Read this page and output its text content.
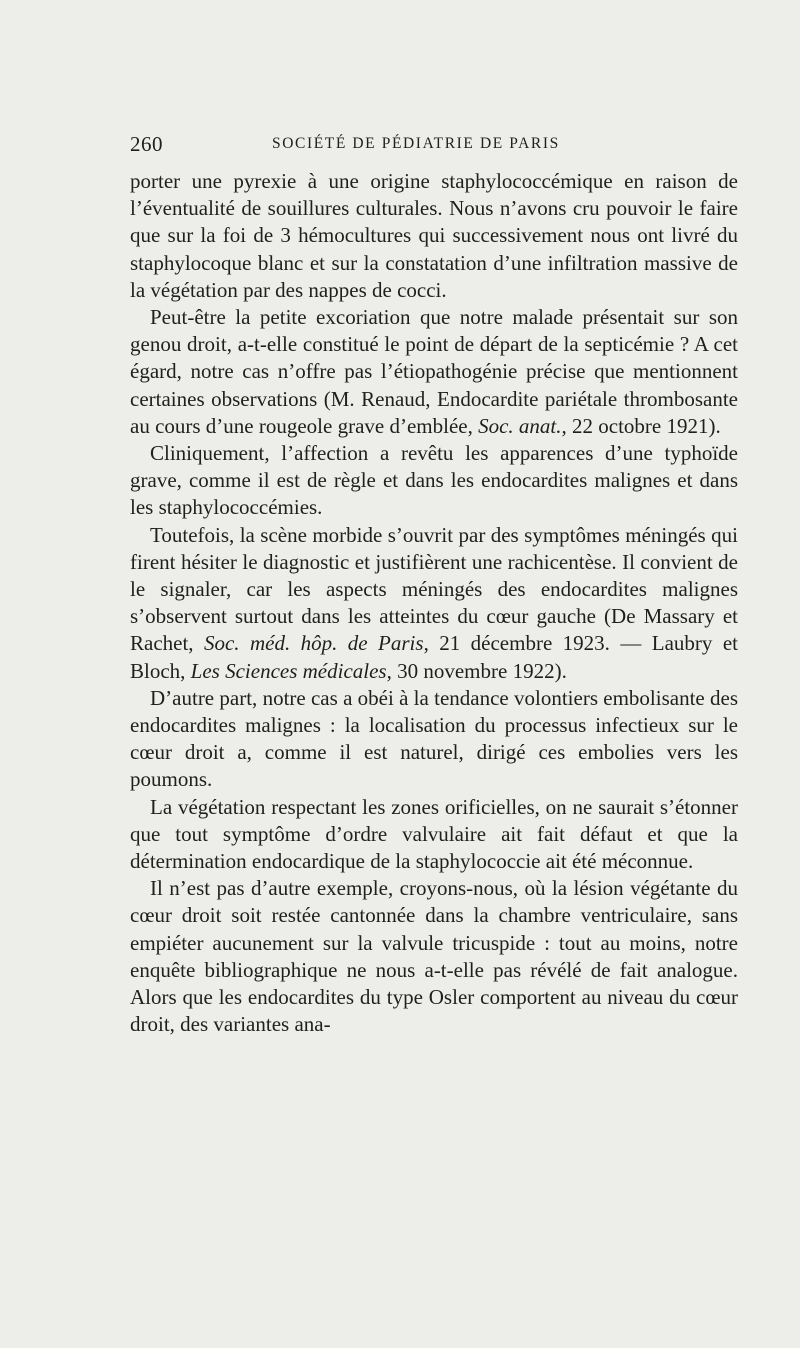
260	SOCIÉTÉ DE PÉDIATRIE DE PARIS

porter une pyrexie à une origine staphylococcémique en raison de l’éventualité de souillures culturales. Nous n’avons cru pouvoir le faire que sur la foi de 3 hémocultures qui successivement nous ont livré du staphylocoque blanc et sur la constatation d’une infiltration massive de la végétation par des nappes de cocci.

Peut-être la petite excoriation que notre malade présentait sur son genou droit, a-t-elle constitué le point de départ de la septicémie ? A cet égard, notre cas n’offre pas l’étiopathogénie précise que mentionnent certaines observations (M. Renaud, Endocardite pariétale thrombosante au cours d’une rougeole grave d’emblée, Soc. anat., 22 octobre 1921).

Cliniquement, l’affection a revêtu les apparences d’une typhoïde grave, comme il est de règle et dans les endocardites malignes et dans les staphylococcémies.

Toutefois, la scène morbide s’ouvrit par des symptômes méningés qui firent hésiter le diagnostic et justifièrent une rachicentèse. Il convient de le signaler, car les aspects méningés des endocardites malignes s’observent surtout dans les atteintes du cœur gauche (De Massary et Rachet, Soc. méd. hôp. de Paris, 21 décembre 1923. — Laubry et Bloch, Les Sciences médicales, 30 novembre 1922).

D’autre part, notre cas a obéi à la tendance volontiers embolisante des endocardites malignes : la localisation du processus infectieux sur le cœur droit a, comme il est naturel, dirigé ces embolies vers les poumons.

La végétation respectant les zones orificielles, on ne saurait s’étonner que tout symptôme d’ordre valvulaire ait fait défaut et que la détermination endocardique de la staphylococcie ait été méconnue.

Il n’est pas d’autre exemple, croyons-nous, où la lésion végétante du cœur droit soit restée cantonnée dans la chambre ventriculaire, sans empiéter aucunement sur la valvule tricuspide : tout au moins, notre enquête bibliographique ne nous a-t-elle pas révélé de fait analogue. Alors que les endocardites du type Osler comportent au niveau du cœur droit, des variantes ana-
